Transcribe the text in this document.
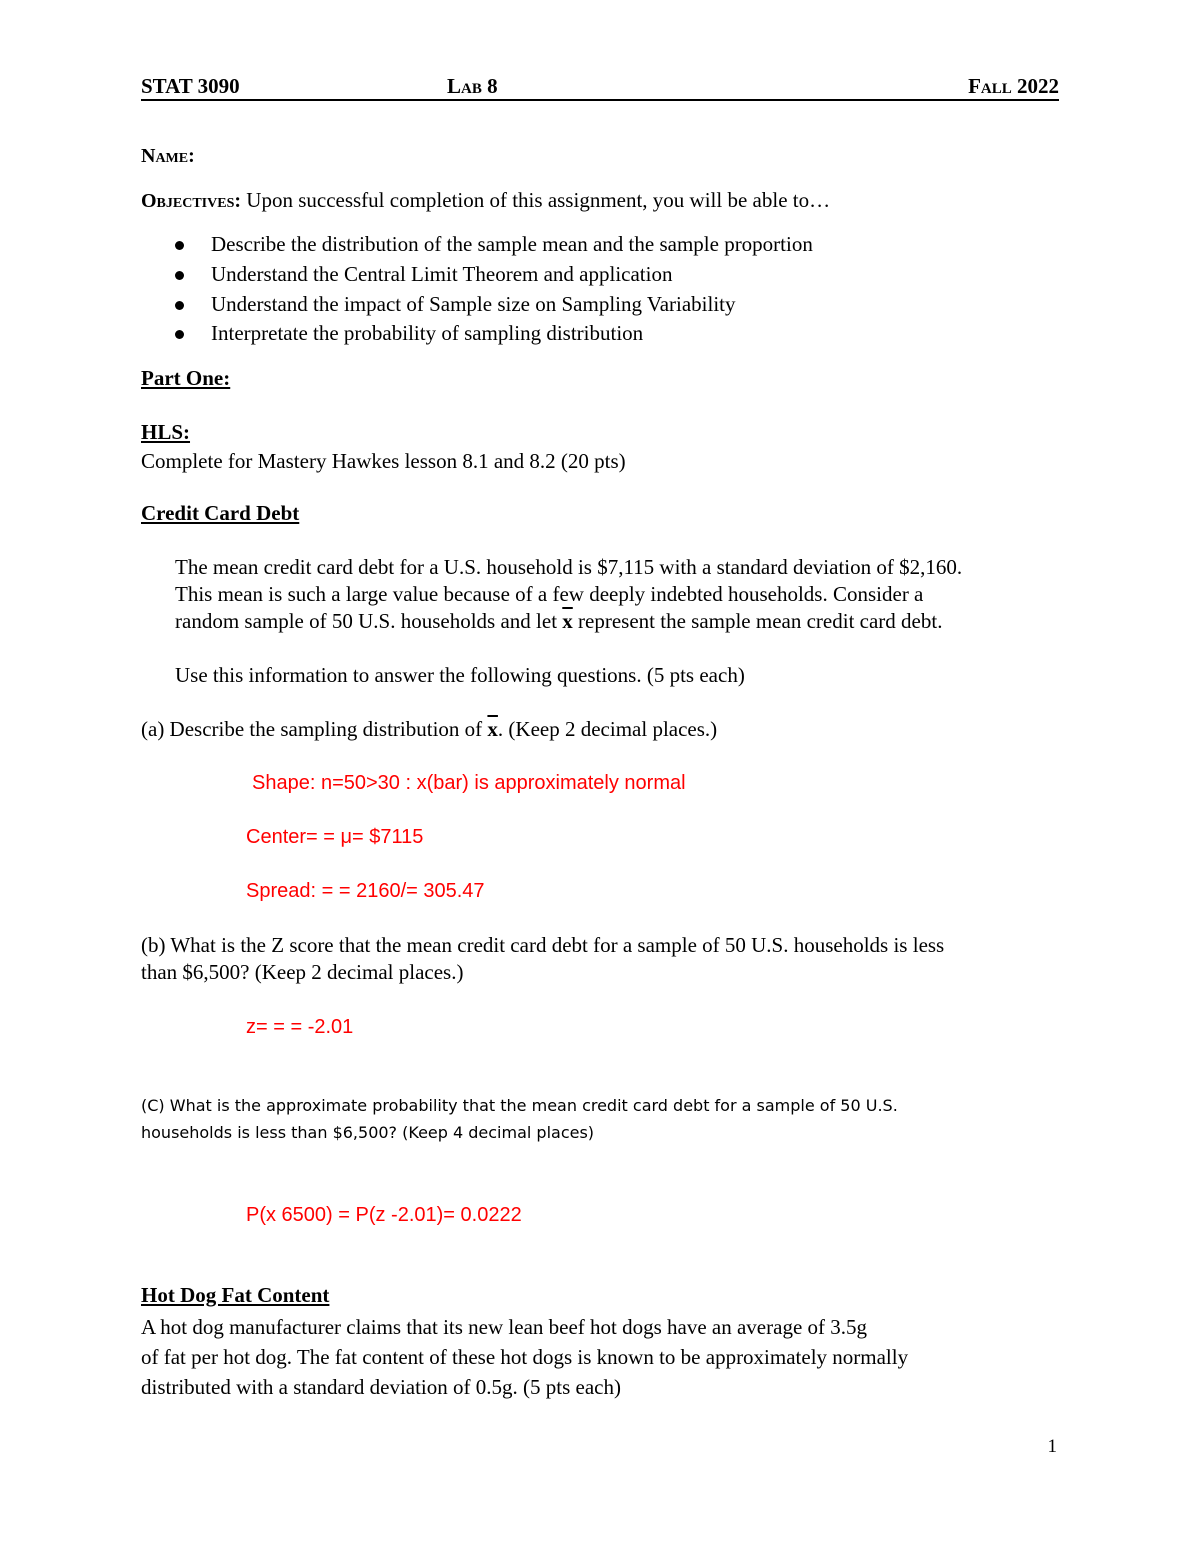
STAT 3090	Lab 8	Fall 2022
Name:
Objectives: Upon successful completion of this assignment, you will be able to…
Describe the distribution of the sample mean and the sample proportion
Understand the Central Limit Theorem and application
Understand the impact of Sample size on Sampling Variability
Interpretate the probability of sampling distribution
Part One:
HLS:
Complete for Mastery Hawkes lesson 8.1 and 8.2 (20 pts)
Credit Card Debt
The mean credit card debt for a U.S. household is $7,115 with a standard deviation of $2,160.
This mean is such a large value because of a few deeply indebted households. Consider a
random sample of 50 U.S. households and let $\overline{x}$ represent the sample mean credit card debt.
Use this information to answer the following questions. (5 pts each)
(a) Describe the sampling distribution of $\overline{x}$. (Keep 2 decimal places.)
Shape: n=50>30 : x(bar) is approximately normal
Center= = μ= $7115
Spread: = = 2160/= 305.47
(b) What is the Z score that the mean credit card debt for a sample of 50 U.S. households is less
than $6,500? (Keep 2 decimal places.)
z= = = -2.01
(C) What is the approximate probability that the mean credit card debt for a sample of 50 U.S.
households is less than $6,500? (Keep 4 decimal places)
P(x 6500) = P(z -2.01)= 0.0222
Hot Dog Fat Content
A hot dog manufacturer claims that its new lean beef hot dogs have an average of 3.5g
of fat per hot dog. The fat content of these hot dogs is known to be approximately normally
distributed with a standard deviation of 0.5g. (5 pts each)
1
